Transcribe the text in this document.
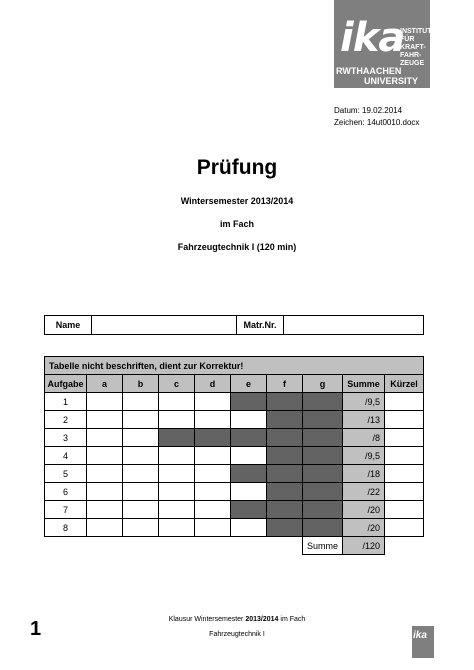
ika
INSTITUT
FÜR
KRAFT-
FAHR-
ZEUGE
RWTHAACHEN
UNIVERSITY
Datum: 19.02.2014
Zeichen: 14ut0010.docx
Prüfung
Wintersemester 2013/2014
im Fach
Fahrzeugtechnik I (120 min)
Name	Matr.Nr.
Tabelle nicht beschriften, dient zur Korrektur!									
Aufgabe	a	b	c	d	e	f	g	Summe	Kürzel
1								/9,5	
2								/13	
3								/8	
4								/9,5	
5								/18	
6								/22	
7								/20	
8								/20	
							Summe	/120	
Klausur Wintersemester 2013/2014 im Fach
Fahrzeugtechnik I
1	ika
